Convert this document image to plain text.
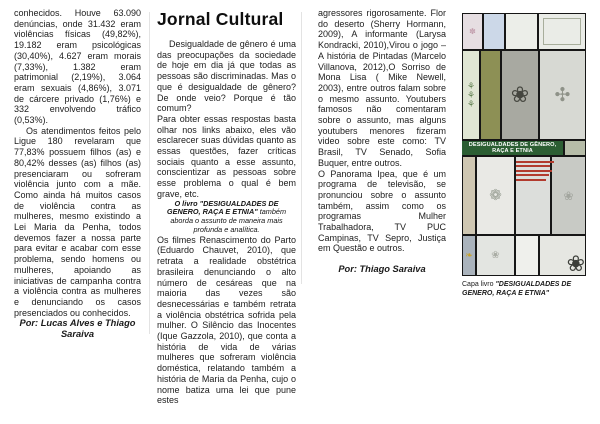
conhecidos. Houve 63.090 denúncias, onde 31.432 eram violências físicas (49,82%), 19.182 eram psicológicas (30,40%), 4.627 eram morais (7,33%), 1.382 eram patrimonial (2,19%), 3.064 eram sexuais (4,86%), 3.071 de cárcere privado (1,76%) e 332 envolvendo tráfico (0,53%).

Os atendimentos feitos pelo Ligue 180 revelaram que 77,83% possuem filhos (as) e 80,42% desses (as) filhos (as) presenciaram ou sofreram violência junto com a mãe. Como ainda há muitos casos de violência contra as mulheres, mesmo existindo a Lei Maria da Penha, todos devemos fazer a nossa parte para evitar e acabar com esse problema, sendo homens ou mulheres, apoiando as iniciativas de campanha contra a violência contra as mulheres e denunciando os casos presenciados ou conhecidos.

Por: Lucas Alves e Thiago Saraiva

Jornal Cultural

Desigualdade de gênero é uma das preocupações da sociedade de hoje em dia já que todas as pessoas são discriminadas. Mas o que é desigualdade de gênero? De onde veio? Porque é tão comum?

Para obter essas respostas basta olhar nos links abaixo, eles vão esclarecer suas dúvidas quanto as essas questões, fazer críticas sociais quanto a esse assunto, conscientizar as pessoas sobre esse problema o qual é bem grave, etc.

O livro "DESIGUALDADES DE GENERO, RAÇA E ETNIA" também aborda o assunto de maneira mais profunda e analítica.

Os filmes Renascimento do Parto (Eduardo Chauvet, 2010), que retrata a realidade obstétrica brasileira denunciando o alto número de cesáreas que na maioria das vezes são desnecessárias e também retrata a violência obstétrica sofrida pela mulher. O Silêncio das Inocentes (Ique Gazzola, 2010), que conta a história de vida de várias mulheres que sofreram violência doméstica, relatando também a história de Maria da Penha, cujo o nome batiza uma lei que pune estes

agressores rigorosamente. Flor do deserto (Sherry Hormann, 2009), A informante (Larysa Kondracki, 2010),Virou o jogo – A história de Pintadas (Marcelo Villanova, 2012),O Sorriso de Mona Lisa ( Mike Newell, 2003), entre outros falam sobre o mesmo assunto. Youtubers famosos não comentaram sobre o assunto, mas alguns youtubers menores fizeram video sobre este como: TV Brasil, TV Senado, Sofia Buquer, entre outros.

O Panorama Ipea, que é um programa de televisão, se pronunciou sobre o assunto também, assim como os programas Mulher Trabalhadora, TV PUC Campinas, TV Sepro, Justiça em Questão e outros.

Por: Thiago Saraiva

✽
⚘
⚘
⚘ ❀ ✣
DESIGUALDADES DE GÊNERO, RAÇA E ETNIA
❁	❀
❧ ❀	❀
Capa livro "DESIGUALDADES DE GENERO, RAÇA E ETNIA"
